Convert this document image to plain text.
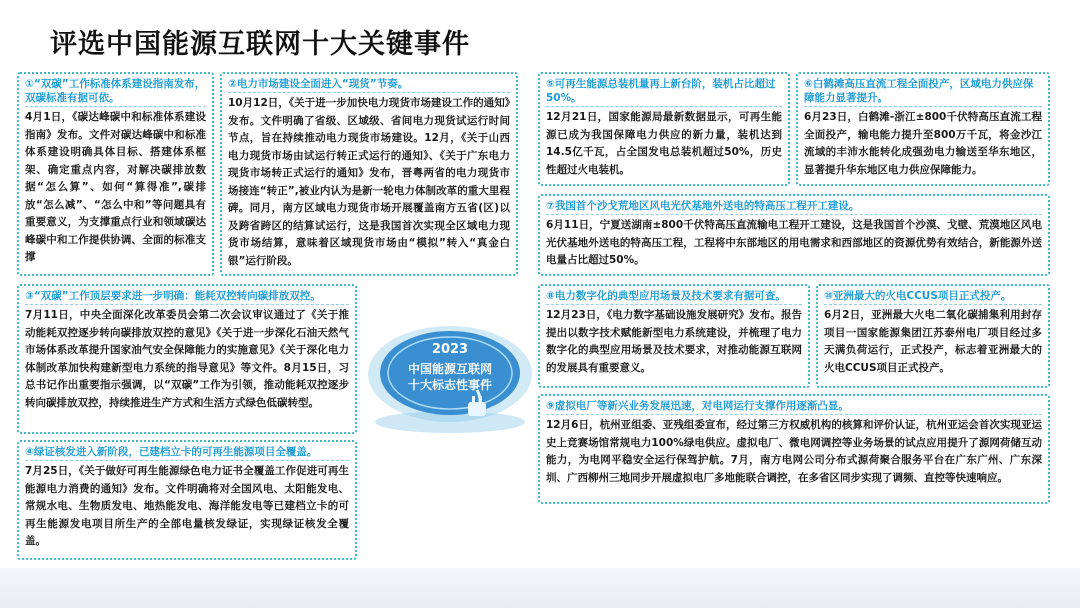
评选中国能源互联网十大关键事件
①“双碳”工作标准体系建设指南发布，双碳标准有据可依。
4月1日，《碳达峰碳中和标准体系建设指南》发布。文件对碳达峰碳中和标准体系建设明确具体目标、搭建体系框架、确定重点内容，对解决碳排放数据“怎么算”、如何“算得准”,碳排放“怎么减”、“怎么中和”等问题具有重要意义，为支撑重点行业和领域碳达峰碳中和工作提供协调、全面的标准支撑
②电力市场建设全面进入“现货”节奏。
10月12日，《关于进一步加快电力现货市场建设工作的通知》发布。文件明确了省级、区域级、省间电力现货试运行时间节点，旨在持续推动电力现货市场建设。12月，《关于山西电力现货市场由试运行转正式运行的通知》、《关于广东电力现货市场转正式运行的通知》发布，晋粤两省的电力现货市场接连“转正”,被业内认为是新一轮电力体制改革的重大里程碑。同月，南方区域电力现货市场开展覆盖南方五省(区)以及跨省跨区的结算试运行，这是我国首次实现全区域电力现货市场结算，意味着区域现货市场由“模拟”转入“真金白银”运行阶段。
③“双碳”工作顶层要求进一步明确：能耗双控转向碳排放双控。
7月11日，中央全面深化改革委员会第二次会议审议通过了《关于推动能耗双控逐步转向碳排放双控的意见》《关于进一步深化石油天然气市场体系改革提升国家油气安全保障能力的实施意见》《关于深化电力体制改革加快构建新型电力系统的指导意见》等文件。8月15日，习总书记作出重要指示强调，以“双碳”工作为引领，推动能耗双控逐步转向碳排放双控，持续推进生产方式和生活方式绿色低碳转型。
④绿证核发进入新阶段，已建档立卡的可再生能源项目全覆盖。
7月25日，《关于做好可再生能源绿色电力证书全覆盖工作促进可再生能源电力消费的通知》发布。文件明确将对全国风电、太阳能发电、常规水电、生物质发电、地热能发电、海洋能发电等已建档立卡的可再生能源发电项目所生产的全部电量核发绿证，实现绿证核发全覆盖。
⑤可再生能源总装机量再上新台阶，装机占比超过50%。
12月21日，国家能源局最新数据显示，可再生能源已成为我国保障电力供应的新力量，装机达到14.5亿千瓦，占全国发电总装机超过50%，历史性超过火电装机。
⑥白鹤滩高压直流工程全面投产，区域电力供应保障能力显著提升。
6月23日，白鹤滩-浙江±800千伏特高压直流工程全面投产，输电能力提升至800万千瓦，将金沙江流域的丰沛水能转化成强劲电力输送至华东地区，显著提升华东地区电力供应保障能力。
⑦我国首个沙戈荒地区风电光伏基地外送电的特高压工程开工建设。
6月11日，宁夏送湖南±800千伏特高压直流输电工程开工建设，这是我国首个沙漠、戈壁、荒漠地区风电光伏基地外送电的特高压工程，工程将中东部地区的用电需求和西部地区的资源优势有效结合，新能源外送电量占比超过50%。
⑧电力数字化的典型应用场景及技术要求有据可查。
12月23日，《电力数字基础设施发展研究》发布。报告提出以数字技术赋能新型电力系统建设，并梳理了电力数字化的典型应用场景及技术要求，对推动能源互联网的发展具有重要意义。
⑩亚洲最大的火电CCUS项目正式投产。
6月2日，亚洲最大火电二氧化碳捕集利用封存项目一国家能源集团江苏泰州电厂项目经过多天满负荷运行，正式投产，标志着亚洲最大的火电CCUS项目正式投产。
⑨虚拟电厂等新兴业务发展迅速，对电网运行支撑作用逐渐凸显。
12月6日，杭州亚组委、亚残组委宣布，经过第三方权威机构的核算和评价认证，杭州亚运会首次实现亚运史上竞赛场馆常规电力100%绿电供应。虚拟电厂、微电网调控等业务场景的试点应用提升了源网荷储互动能力，为电网平稳安全运行保驾护航。7月，南方电网公司分布式源荷聚合服务平台在广东广州、广东深圳、广西柳州三地同步开展虚拟电厂多地能联合调控，在多省区同步实现了调频、直控等快速响应。
2023
中国能源互联网
十大标志性事件
